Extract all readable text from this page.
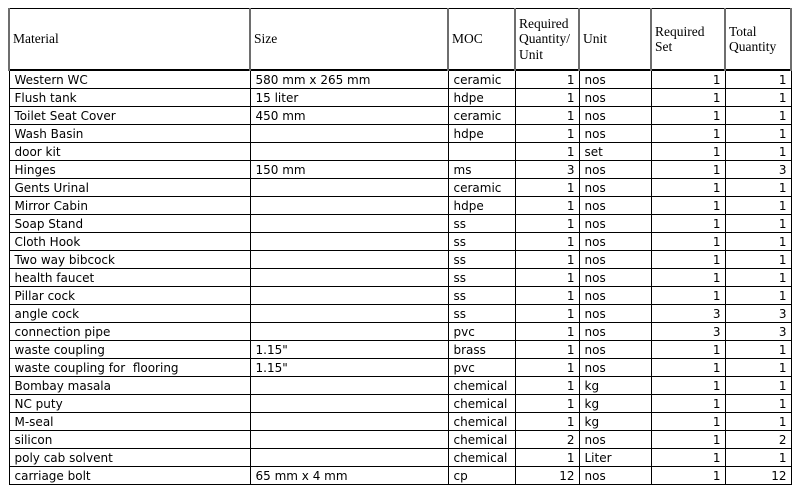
Material	Size	MOC	Required Quantity/Unit	Unit	Required Set	Total Quantity
Western WC	580 mm x 265 mm	ceramic	1	nos	1	1
Flush tank	15 liter	hdpe	1	nos	1	1
Toilet Seat Cover	450 mm	ceramic	1	nos	1	1
Wash Basin		hdpe	1	nos	1	1
door kit			1	set	1	1
Hinges	150 mm	ms	3	nos	1	3
Gents Urinal		ceramic	1	nos	1	1
Mirror Cabin		hdpe	1	nos	1	1
Soap Stand		ss	1	nos	1	1
Cloth Hook		ss	1	nos	1	1
Two way bibcock		ss	1	nos	1	1
health faucet		ss	1	nos	1	1
Pillar cock		ss	1	nos	1	1
angle cock		ss	1	nos	3	3
connection pipe		pvc	1	nos	3	3
waste coupling	1.15"	brass	1	nos	1	1
waste coupling for  flooring	1.15"	pvc	1	nos	1	1
Bombay masala		chemical	1	kg	1	1
NC puty		chemical	1	kg	1	1
M-seal		chemical	1	kg	1	1
silicon		chemical	2	nos	1	2
poly cab solvent		chemical	1	Liter	1	1
carriage bolt	65 mm x 4 mm	cp	12	nos	1	12
